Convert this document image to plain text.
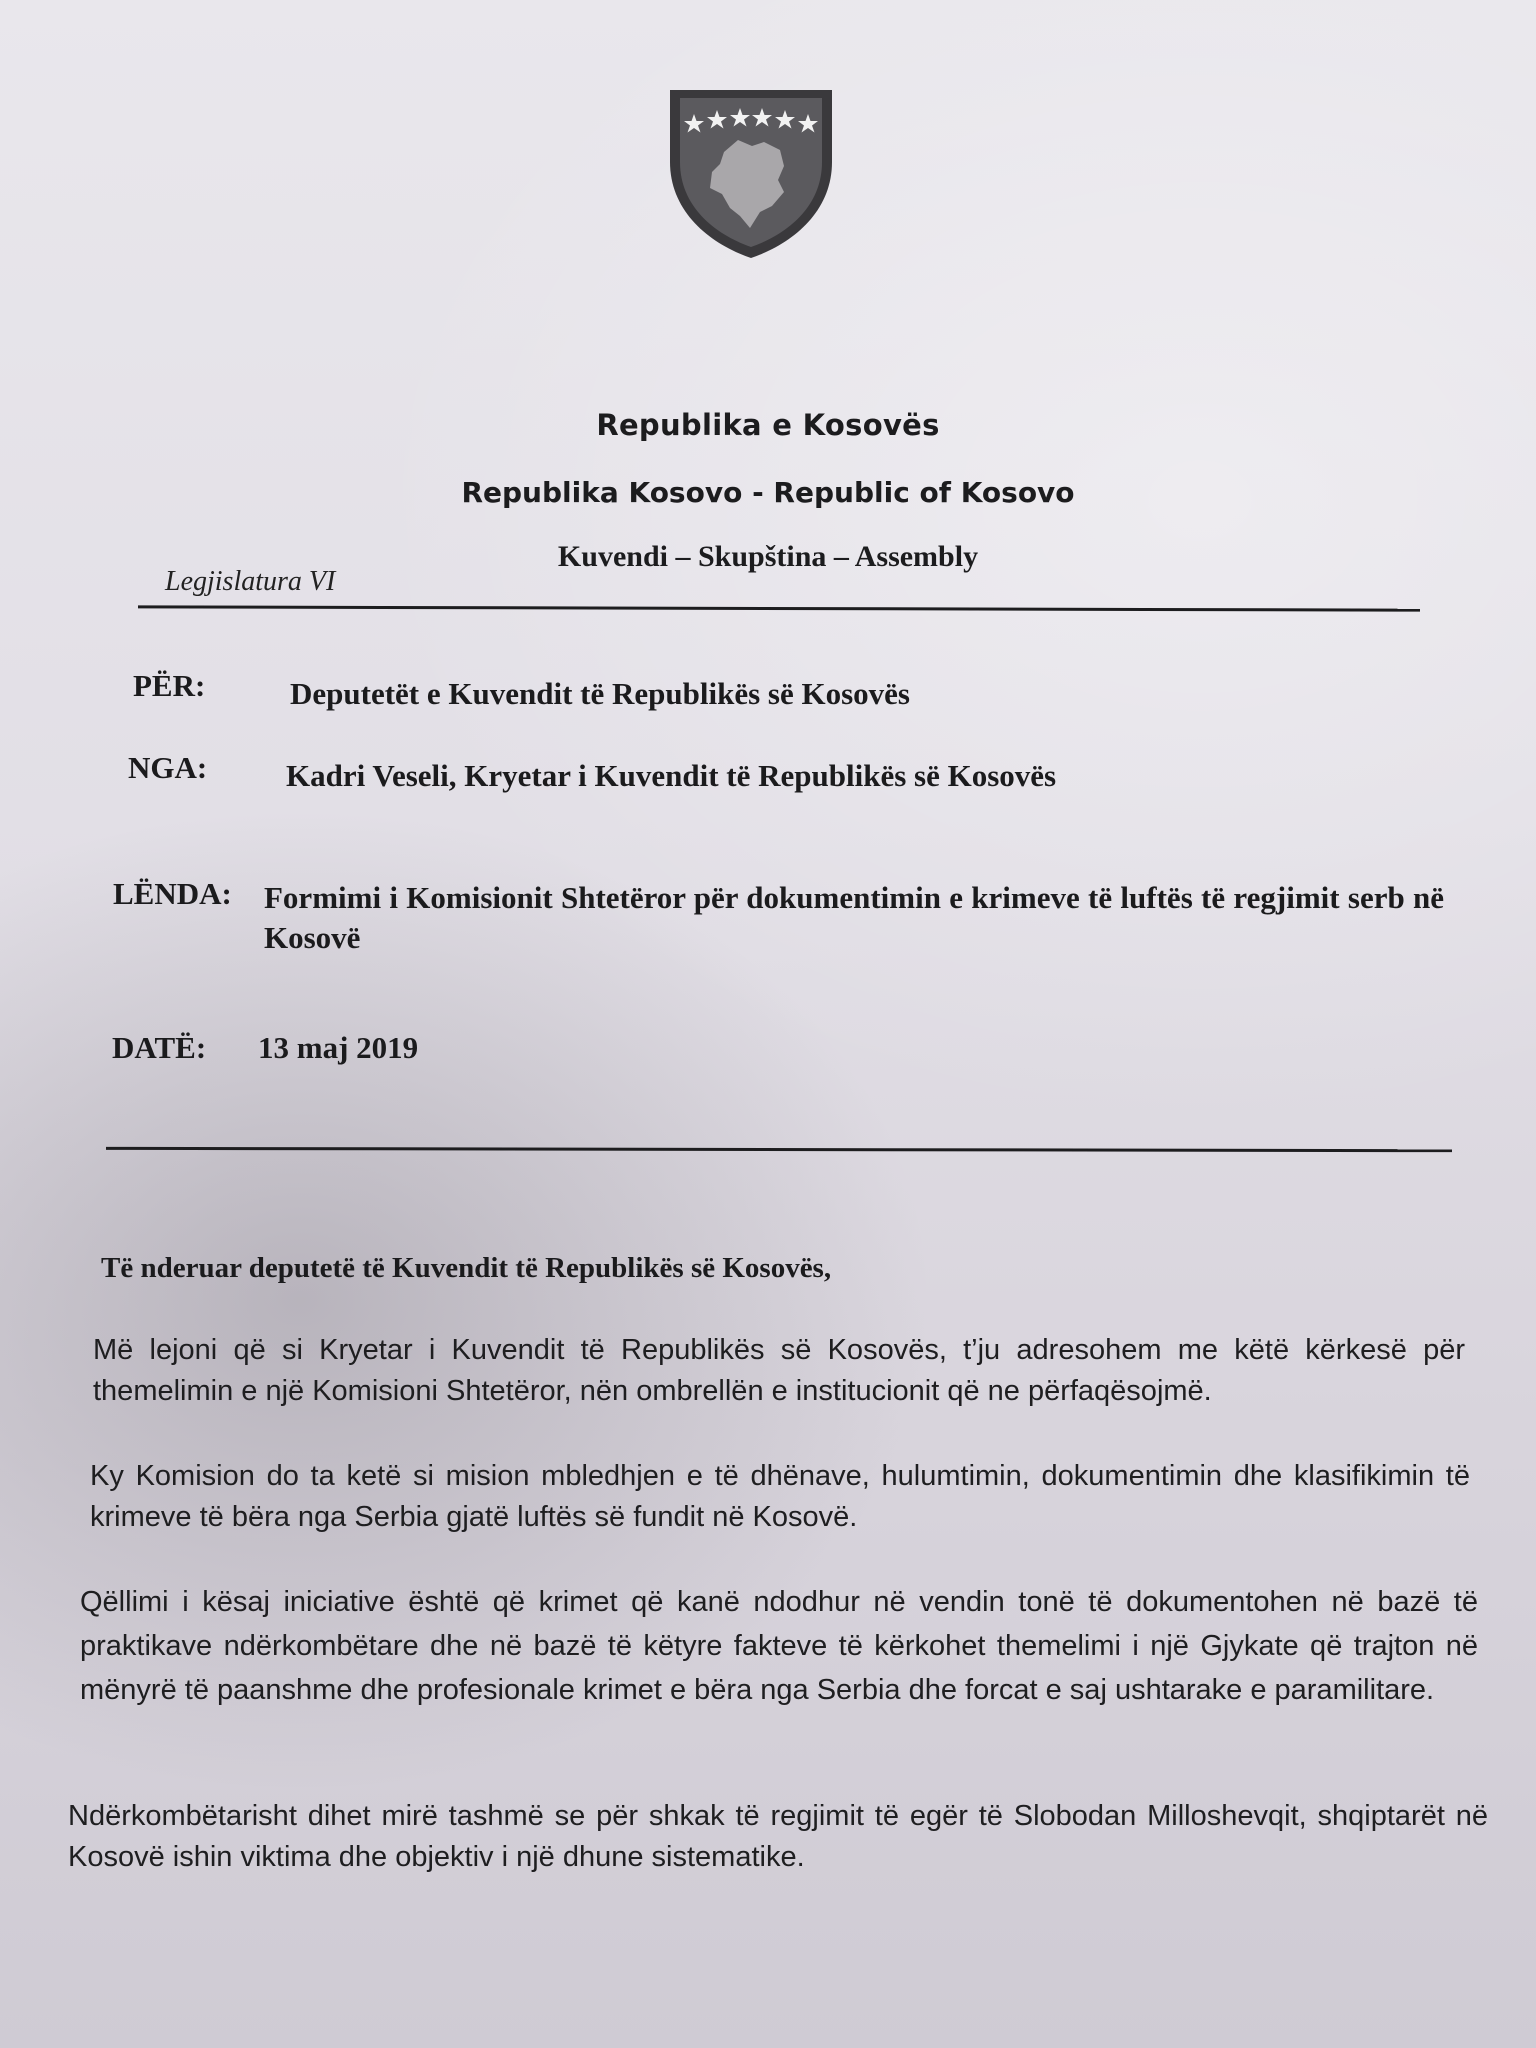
Republika e Kosovës
Republika Kosovo - Republic of Kosovo
Kuvendi – Skupština – Assembly
Legjislatura VI
PËR:	Deputetët e Kuvendit të Republikës së Kosovës
NGA:	Kadri Veseli, Kryetar i Kuvendit të Republikës së Kosovës
LËNDA: Formimi i Komisionit Shtetëror për dokumentimin e krimeve të luftës të regjimit serb në Kosovë
DATË: 13 maj 2019
Të nderuar deputetë të Kuvendit të Republikës së Kosovës,
Më lejoni që si Kryetar i Kuvendit të Republikës së Kosovës, t’ju adresohem me këtë kërkesë për themelimin e një Komisioni Shtetëror, nën ombrellën e institucionit që ne përfaqësojmë.
Ky Komision do ta ketë si mision mbledhjen e të dhënave, hulumtimin, dokumentimin dhe klasifikimin të krimeve të bëra nga Serbia gjatë luftës së fundit në Kosovë.
Qëllimi i kësaj iniciative është që krimet që kanë ndodhur në vendin tonë të dokumentohen në bazë të praktikave ndërkombëtare dhe në bazë të këtyre fakteve të kërkohet themelimi i një Gjykate që trajton në mënyrë të paanshme dhe profesionale krimet e bëra nga Serbia dhe forcat e saj ushtarake e paramilitare.
Ndërkombëtarisht dihet mirë tashmë se për shkak të regjimit të egër të Slobodan Milloshevqit, shqiptarët në Kosovë ishin viktima dhe objektiv i një dhune sistematike.
